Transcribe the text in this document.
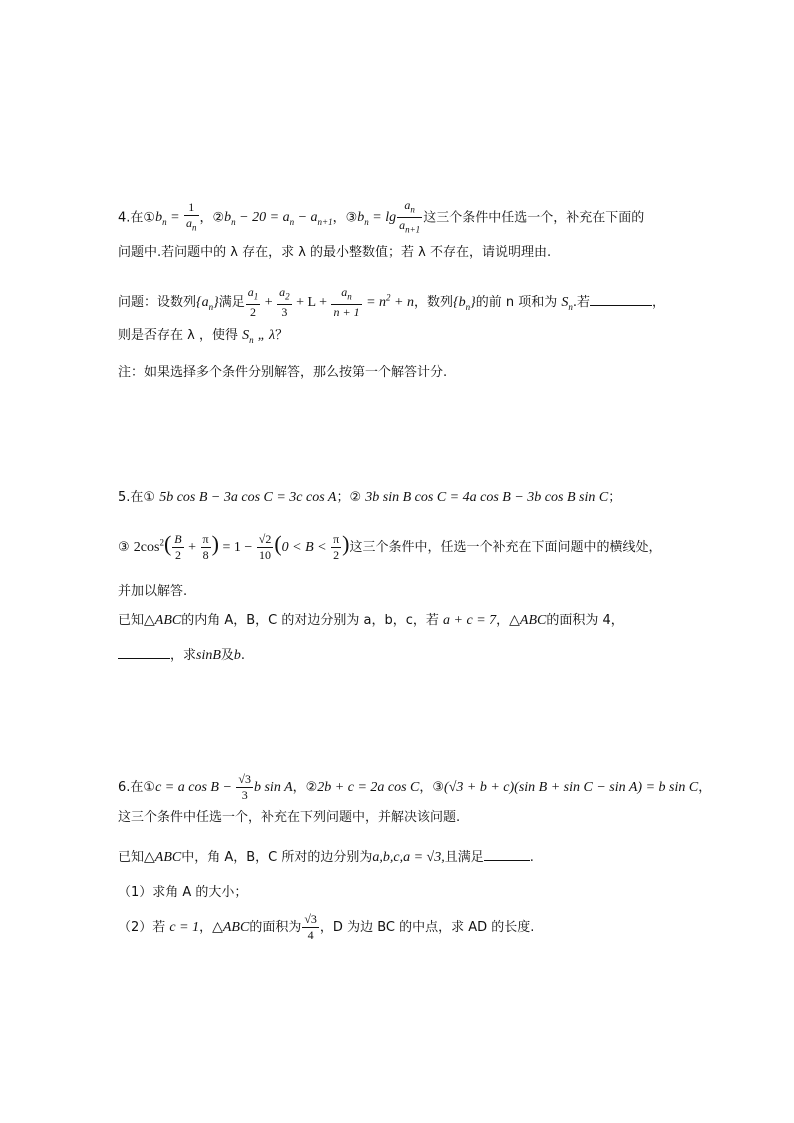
4.在$①b_n = \frac{1}{a_n}$ ，$②b_n - 20 = a_n - a_{n+1}$，$③b_n = \lg \frac{a_n}{a_{n+1}}$ 这三个条件中任选一个，补充在下面的
问题中.若问题中的 λ 存在，求 λ 的最小整数值；若 λ 不存在，请说明理由.
问题：设数列$\{a_n\}$满足 $\frac{a_1}{2} + \frac{a_2}{3} + L + \frac{a_n}{n + 1} = n^2 + n$，数列$\{b_n\}$的前 n 项和为 $S_n$.若	，
则是否存在 λ ，使得 $S_n$ „ λ？
注：如果选择多个条件分别解答，那么按第一个解答计分.
5.在① 5b cos B − 3a cos C = 3c cos A；② 3b sin B cos C = 4a cos B − 3b cos B sin C；
③ $2\cos^2( \frac{B}{2} + \frac{\pi}{8}$ ) = $1 - \frac{√2}{10} (0 < B < \frac{\pi}{2}$ )这三个条件中，任选一个补充在下面问题中的横线处，
并加以解答.
已知△ABC的内角 A，B，C 的对边分别为 a，b，c，若 a + c = 7，△ABC的面积为 4，
，求sinB及b.
6.在①c = a $\cos B - \frac{√3}{3}$ b sin A，②2b + c = 2a cos C，③(√3 + b + c)(sin B + sin C − sin A) = b sin C，
这三个条件中任选一个，补充在下列问题中，并解决该问题.
已知△ABC中，角 A，B，C 所对的边分别为a,b,c,a = √3,且满足	.
（1）求角 A 的大小；
（2）若 c = 1，△ABC的面积为 $\frac{√3}{4}$ ，D 为边 BC 的中点，求 AD 的长度.
